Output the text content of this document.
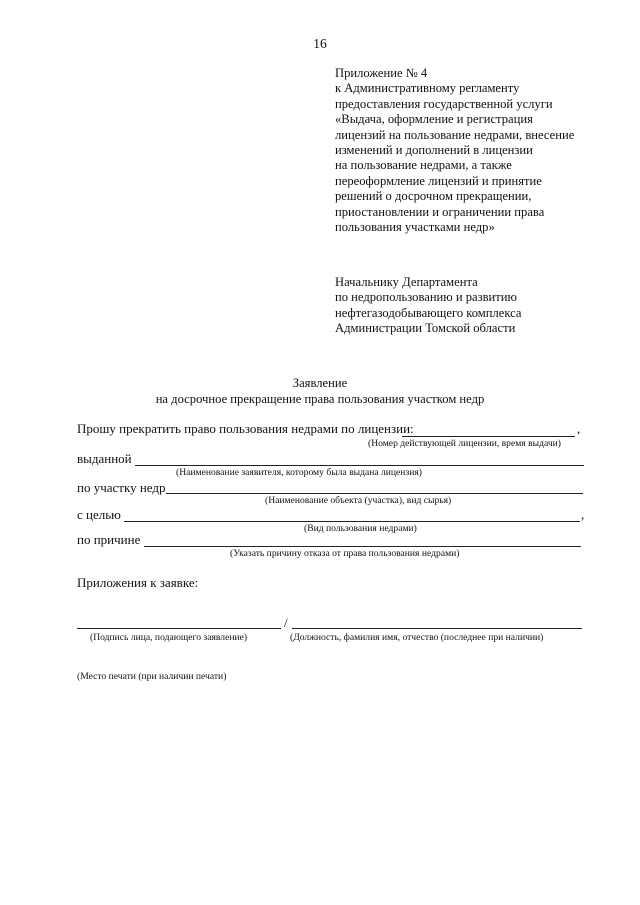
16
Приложение № 4
к Административному регламенту
предоставления государственной услуги
«Выдача, оформление и регистрация
лицензий на пользование недрами, внесение
изменений и дополнений в лицензии
на пользование недрами, а также
переоформление лицензий и принятие
решений о досрочном прекращении,
приостановлении и ограничении права
пользования участками недр»
Начальнику Департамента
по недропользованию и развитию
нефтегазодобывающего комплекса
Администрации Томской области
Заявление
на досрочное прекращение права пользования участком недр
Прошу прекратить право пользования недрами по лицензии:	,
(Номер действующей лицензии, время выдачи)
выданной
(Наименование заявителя, которому была выдана лицензия)
по участку недр
(Наименование объекта (участка), вид сырья)
с целью	,
(Вид пользования недрами)
по причине
(Указать причину отказа от права пользования недрами)
Приложения к заявке:
/
(Подпись лица, подающего заявление)	(Должность, фамилия имя, отчество (последнее при наличии)
(Место печати (при наличии печати)
